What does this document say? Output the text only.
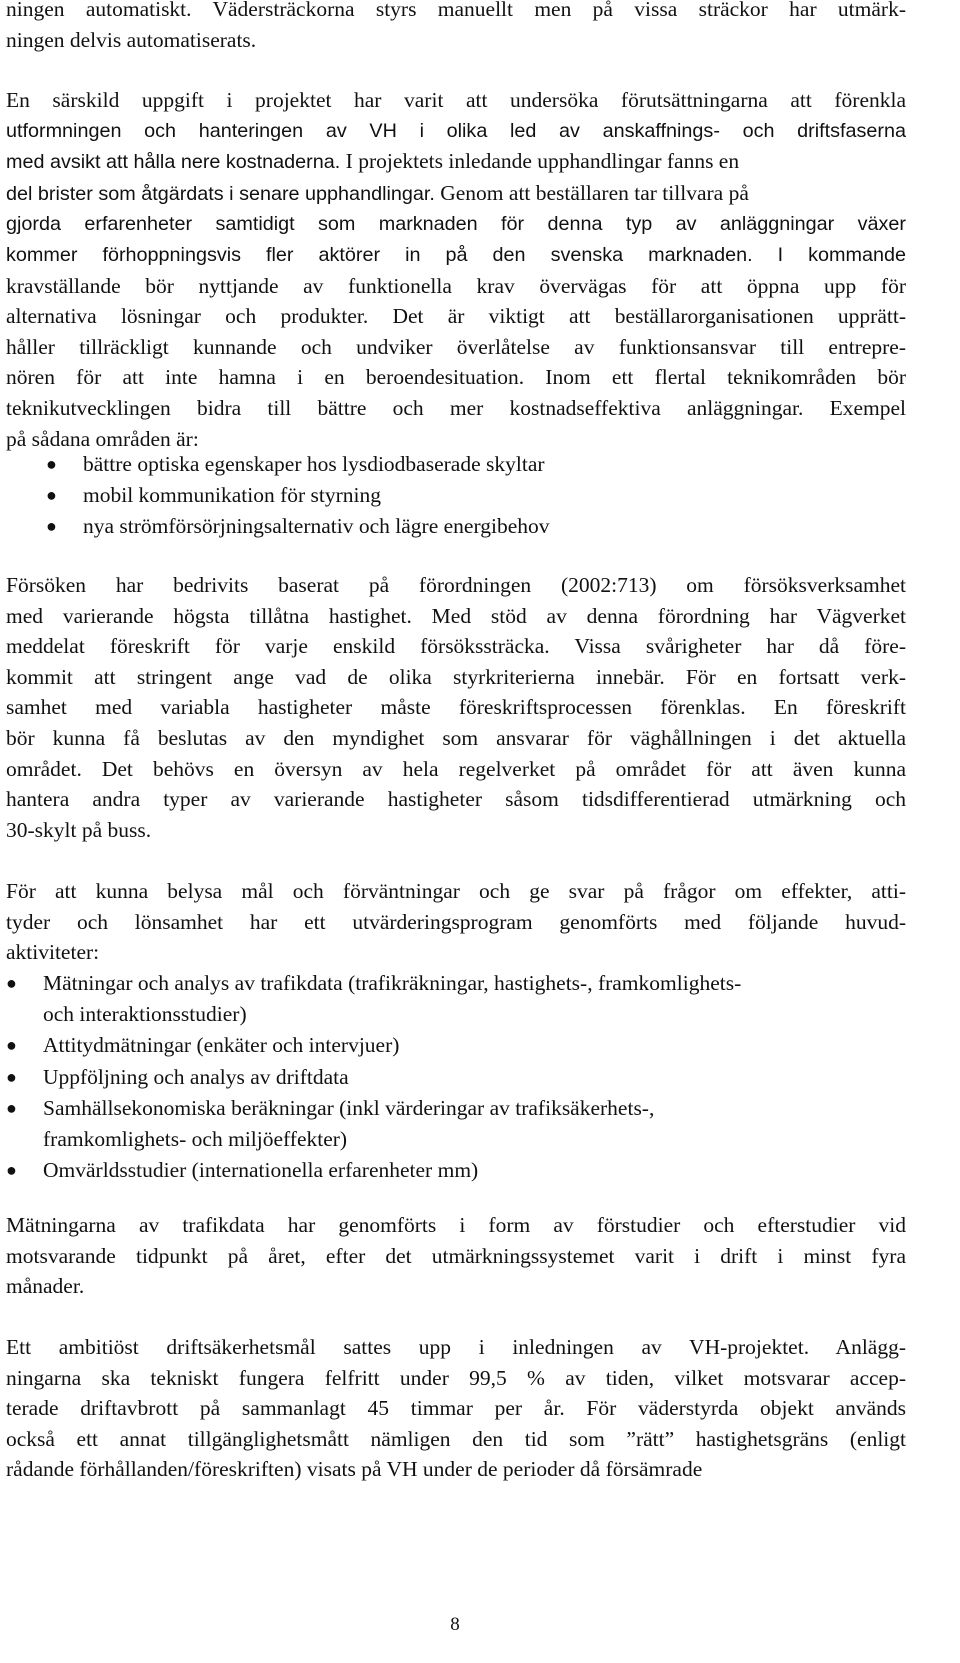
ningen automatiskt. Vädersträckorna styrs manuellt men på vissa sträckor har utmärk-
ningen delvis automatiserats.

En särskild uppgift i projektet har varit att undersöka förutsättningarna att förenkla
utformningen och hanteringen av VH i olika led av anskaffnings- och driftsfaserna
med avsikt att hålla nere kostnaderna. I projektets inledande upphandlingar fanns en
del brister som åtgärdats i senare upphandlingar. Genom att beställaren tar tillvara på
gjorda erfarenheter samtidigt som marknaden för denna typ av anläggningar växer
kommer förhoppningsvis fler aktörer in på den svenska marknaden. I kommande
kravställande bör nyttjande av funktionella krav övervägas för att öppna upp för
alternativa lösningar och produkter. Det är viktigt att beställarorganisationen upprätt-
håller tillräckligt kunnande och undviker överlåtelse av funktionsansvar till entrepre-
nören för att inte hamna i en beroendesituation. Inom ett flertal teknikområden bör
teknikutvecklingen bidra till bättre och mer kostnadseffektiva anläggningar. Exempel
på sådana områden är:

● bättre optiska egenskaper hos lysdiodbaserade skyltar
● mobil kommunikation för styrning
● nya strömförsörjningsalternativ och lägre energibehov

Försöken har bedrivits baserat på förordningen (2002:713) om försöksverksamhet
med varierande högsta tillåtna hastighet. Med stöd av denna förordning har Vägverket
meddelat föreskrift för varje enskild försökssträcka. Vissa svårigheter har då före-
kommit att stringent ange vad de olika styrkriterierna innebär. För en fortsatt verk-
samhet med variabla hastigheter måste föreskriftsprocessen förenklas. En föreskrift
bör kunna få beslutas av den myndighet som ansvarar för väghållningen i det aktuella
området. Det behövs en översyn av hela regelverket på området för att även kunna
hantera andra typer av varierande hastigheter såsom tidsdifferentierad utmärkning och
30-skylt på buss.

För att kunna belysa mål och förväntningar och ge svar på frågor om effekter, atti-
tyder och lönsamhet har ett utvärderingsprogram genomförts med följande huvud-
aktiviteter:

● Mätningar och analys av trafikdata (trafikräkningar, hastighets-, framkomlighets-
och interaktionsstudier)
● Attitydmätningar (enkäter och intervjuer)
● Uppföljning och analys av driftdata
● Samhällsekonomiska beräkningar (inkl värderingar av trafiksäkerhets-,
framkomlighets- och miljöeffekter)
● Omvärldsstudier (internationella erfarenheter mm)

Mätningarna av trafikdata har genomförts i form av förstudier och efterstudier vid
motsvarande tidpunkt på året, efter det utmärkningssystemet varit i drift i minst fyra
månader.

Ett ambitiöst driftsäkerhetsmål sattes upp i inledningen av VH-projektet. Anlägg-
ningarna ska tekniskt fungera felfritt under 99,5 % av tiden, vilket motsvarar accep-
terade driftavbrott på sammanlagt 45 timmar per år. För väderstyrda objekt används
också ett annat tillgänglighetsmått nämligen den tid som ”rätt” hastighetsgräns (enligt
rådande förhållanden/föreskriften) visats på VH under de perioder då försämrade

8
